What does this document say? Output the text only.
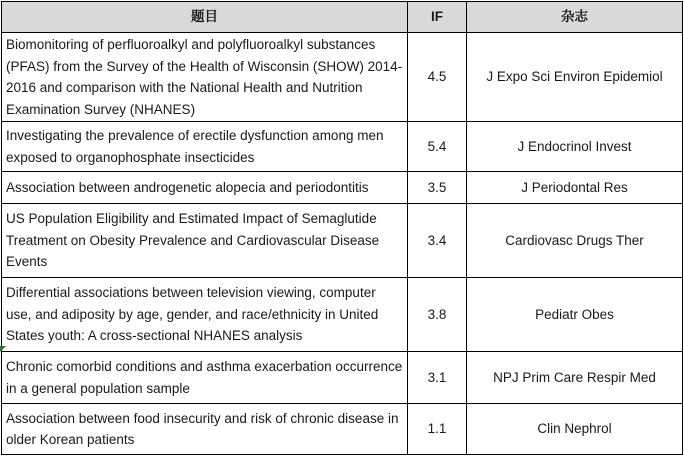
题目	IF	杂志
Biomonitoring of perfluoroalkyl and polyfluoroalkyl substances (PFAS) from the Survey of the Health of Wisconsin (SHOW) 2014-2016 and comparison with the National Health and Nutrition Examination Survey (NHANES)	4.5	J Expo Sci Environ Epidemiol
Investigating the prevalence of erectile dysfunction among men exposed to organophosphate insecticides	5.4	J Endocrinol Invest
Association between androgenetic alopecia and periodontitis	3.5	J Periodontal Res
US Population Eligibility and Estimated Impact of Semaglutide Treatment on Obesity Prevalence and Cardiovascular Disease Events	3.4	Cardiovasc Drugs Ther
Differential associations between television viewing, computer use, and adiposity by age, gender, and race/ethnicity in United States youth: A cross-sectional NHANES analysis	3.8	Pediatr Obes
Chronic comorbid conditions and asthma exacerbation occurrence in a general population sample	3.1	NPJ Prim Care Respir Med
Association between food insecurity and risk of chronic disease in older Korean patients	1.1	Clin Nephrol
